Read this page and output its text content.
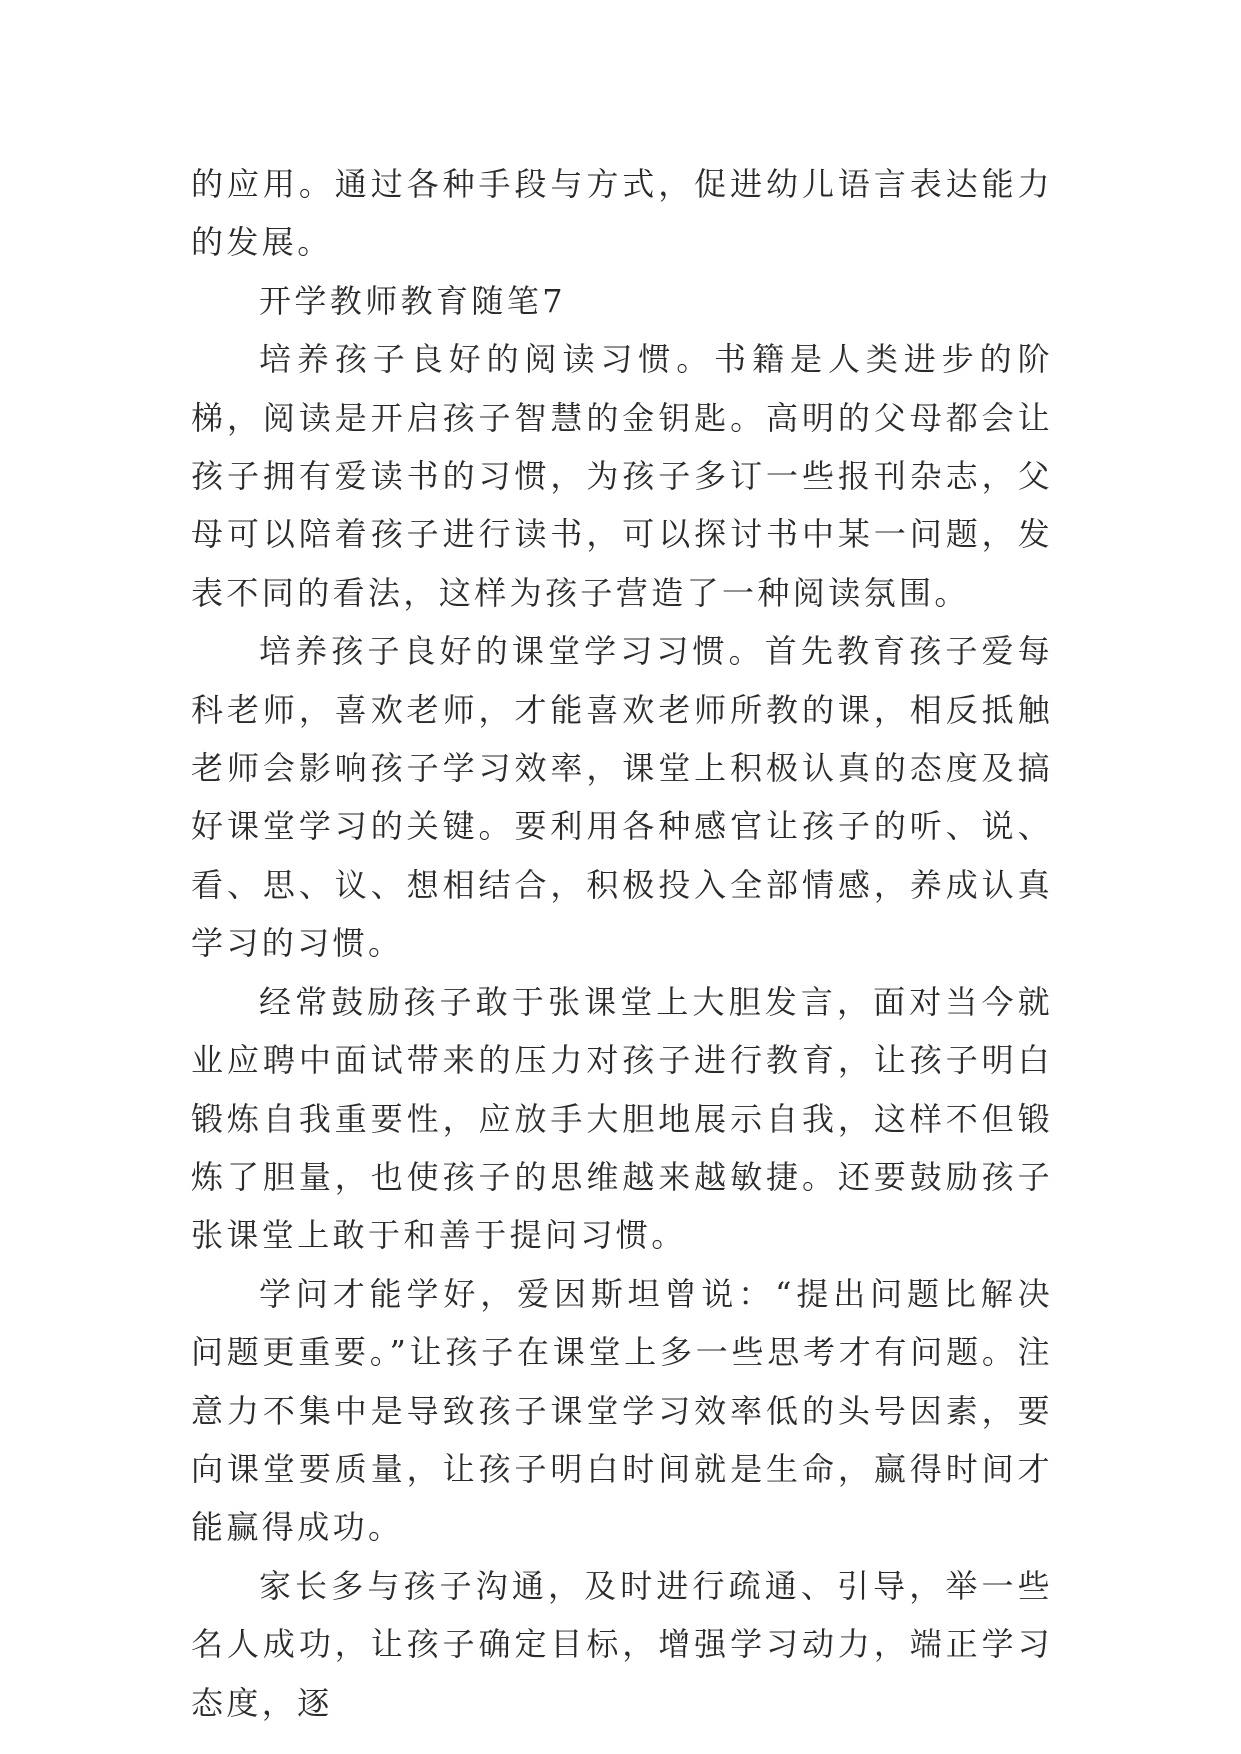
的应用。通过各种手段与方式，促进幼儿语言表达能力的发展。

开学教师教育随笔7

培养孩子良好的阅读习惯。书籍是人类进步的阶梯，阅读是开启孩子智慧的金钥匙。高明的父母都会让孩子拥有爱读书的习惯，为孩子多订一些报刊杂志，父母可以陪着孩子进行读书，可以探讨书中某一问题，发表不同的看法，这样为孩子营造了一种阅读氛围。

培养孩子良好的课堂学习习惯。首先教育孩子爱每科老师，喜欢老师，才能喜欢老师所教的课，相反抵触老师会影响孩子学习效率，课堂上积极认真的态度及搞好课堂学习的关键。要利用各种感官让孩子的听、说、看、思、议、想相结合，积极投入全部情感，养成认真学习的习惯。

经常鼓励孩子敢于张课堂上大胆发言，面对当今就业应聘中面试带来的压力对孩子进行教育，让孩子明白锻炼自我重要性，应放手大胆地展示自我，这样不但锻炼了胆量，也使孩子的思维越来越敏捷。还要鼓励孩子张课堂上敢于和善于提问习惯。

学问才能学好，爱因斯坦曾说：“提出问题比解决问题更重要。”让孩子在课堂上多一些思考才有问题。注意力不集中是导致孩子课堂学习效率低的头号因素，要向课堂要质量，让孩子明白时间就是生命，赢得时间才能赢得成功。

家长多与孩子沟通，及时进行疏通、引导，举一些名人成功，让孩子确定目标，增强学习动力，端正学习态度，逐
